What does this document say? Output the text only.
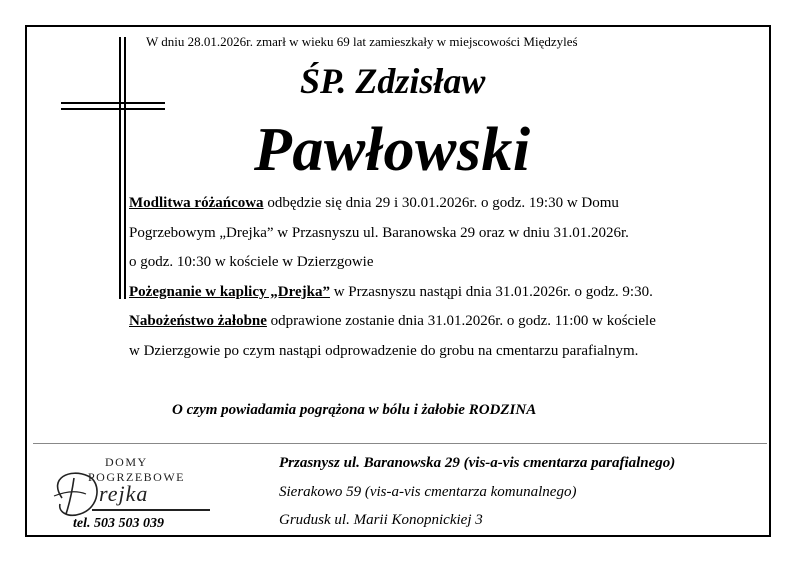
W dniu 28.01.2026r. zmarł w wieku 69 lat zamieszkały w miejscowości Międzyleś
ŚP. Zdzisław
Pawłowski
Modlitwa różańcowa odbędzie się dnia 29 i 30.01.2026r. o godz. 19:30 w Domu
Pogrzebowym „Drejka” w Przasnyszu ul. Baranowska 29 oraz w dniu 31.01.2026r.
o godz. 10:30 w kościele w Dzierzgowie
Pożegnanie w kaplicy „Drejka” w Przasnyszu nastąpi dnia 31.01.2026r. o godz. 9:30.
Nabożeństwo żałobne odprawione zostanie dnia 31.01.2026r. o godz. 11:00 w kościele
w Dzierzgowie po czym nastąpi odprowadzenie do grobu na cmentarzu parafialnym.
O czym powiadamia pogrążona w bólu i żałobie RODZINA
DOMY
POGRZEBOWE
rejka
tel. 503 503 039
Przasnysz ul. Baranowska 29 (vis-a-vis cmentarza parafialnego)
Sierakowo 59 (vis-a-vis cmentarza komunalnego)
Grudusk ul. Marii Konopnickiej 3
